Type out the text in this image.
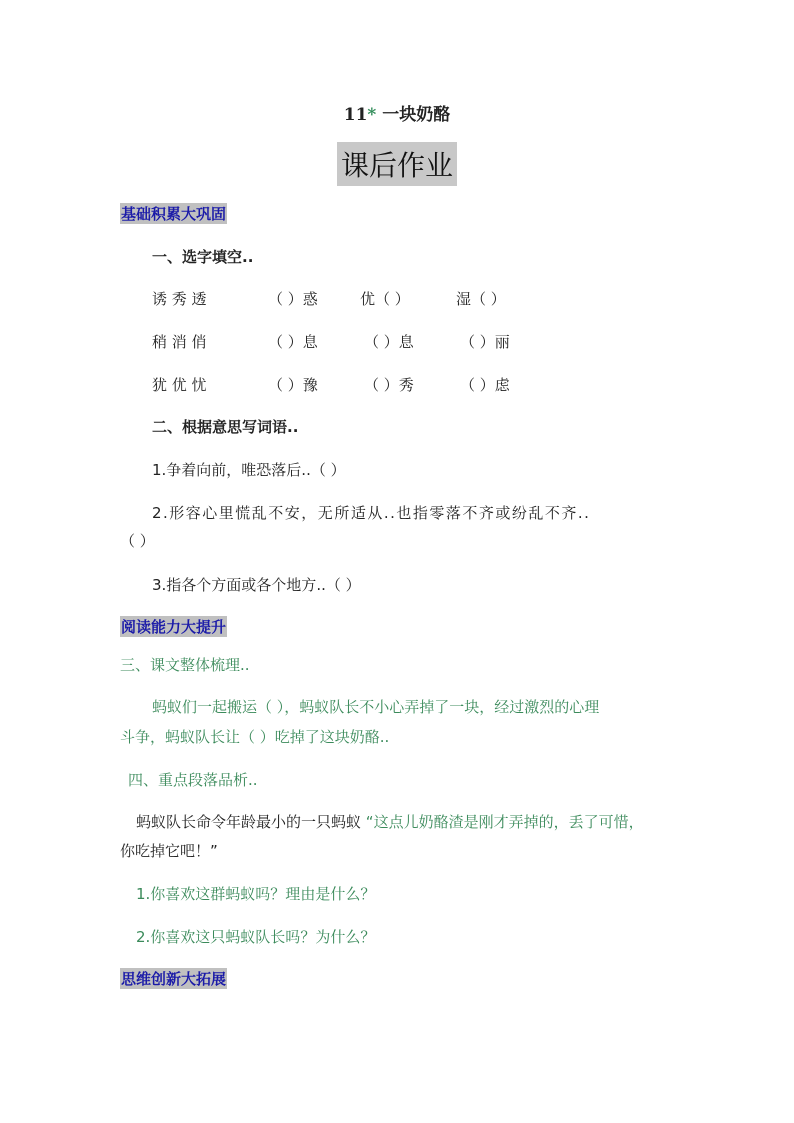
11* 一块奶酪
课后作业
基础积累大巩固
一、选字填空..
诱 秀 透	（ ）惑	优（ ）	湿（ ）
稍 消 俏	（ ）息	（ ）息	（ ）丽
犹 优 忧	（ ）豫	（ ）秀	（ ）虑
二、根据意思写词语..
1.争着向前，唯恐落后..（ ）
2.形容心里慌乱不安，无所适从..也指零落不齐或纷乱不齐..
（ ）
3.指各个方面或各个地方..（ ）
阅读能力大提升
三、课文整体梳理..
蚂蚁们一起搬运（ ），蚂蚁队长不小心弄掉了一块，经过激烈的心理
斗争，蚂蚁队长让（ ）吃掉了这块奶酪..
四、重点段落品析..
蚂蚁队长命令年龄最小的一只蚂蚁 “这点儿奶酪渣是刚才弄掉的，丢了可惜，
你吃掉它吧！”
1.你喜欢这群蚂蚁吗？理由是什么？
2.你喜欢这只蚂蚁队长吗？为什么？
思维创新大拓展
